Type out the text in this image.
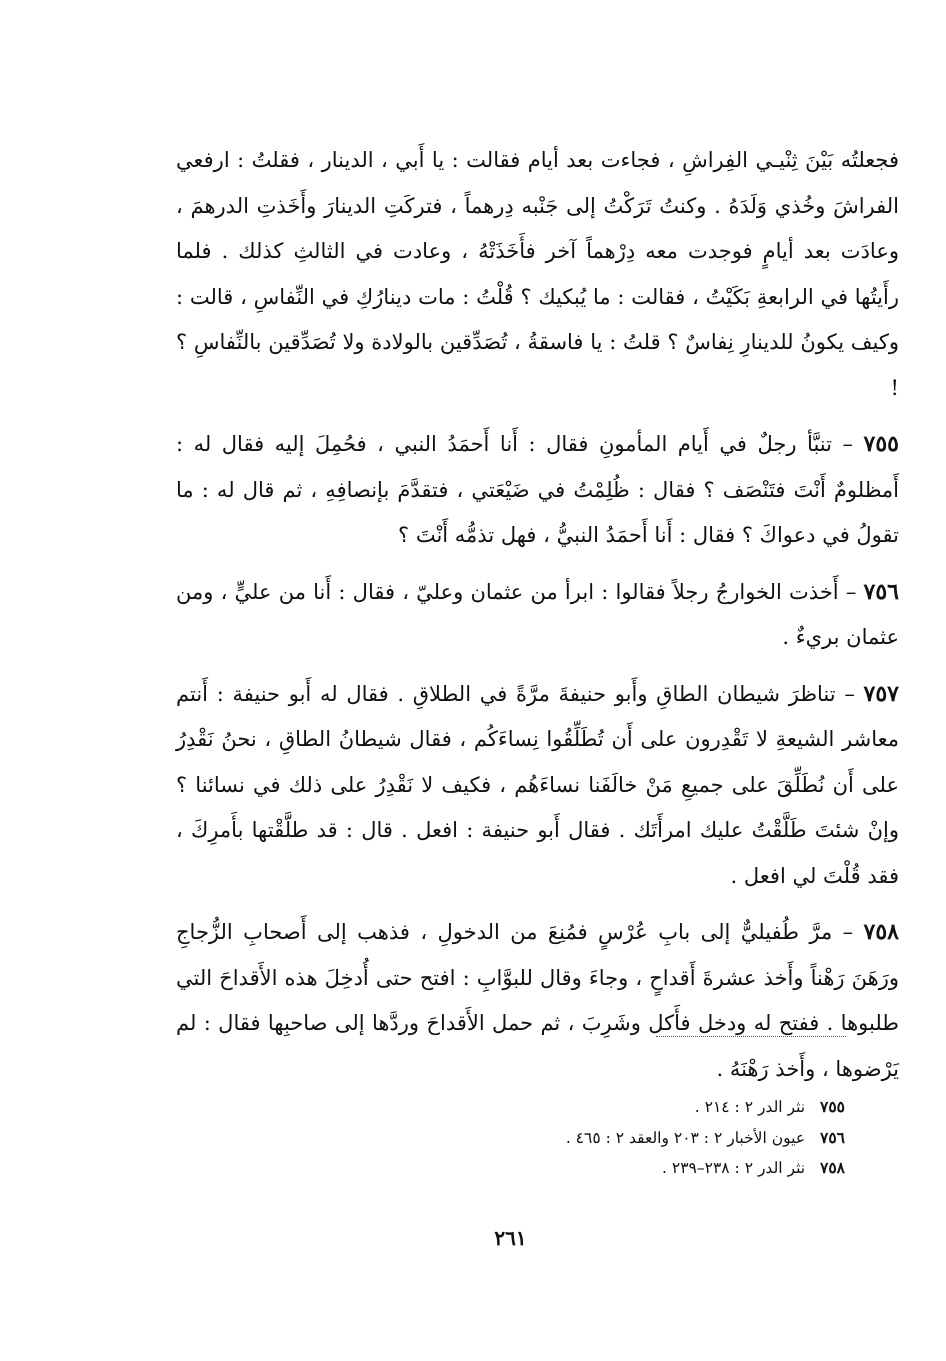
فجعلتُه بَيْنَ ثِنْيـي الفِراشِ ، فجاءت بعد أيام فقالت : يا أَبي ، الدينار ، فقلتُ : ارفعي الفراشَ وخُذي وَلَدَهُ . وكنتُ تَرَكْتُ إلى جَنْبه دِرهماً ، فتركَتِ الدينارَ وأَخَذتِ الدرهمَ ، وعادَت بعد أيامٍ فوجدت معه دِرْهماً آخر فأَخَذَتْهُ ، وعادت في الثالثِ كذلك . فلما رأَيتُها في الرابعةِ بَكَيْتُ ، فقالت : ما يُبكيك ؟ قُلْتُ : مات دينارُكِ في النِّفاسِ ، قالت : وكيف يكونُ للدينارِ نِفاسٌ ؟ قلتُ : يا فاسقةُ ، تُصَدِّقين بالولادة ولا تُصَدِّقين بالنِّفاسِ ؟ !

٧٥٥ – تنبَّأ رجلٌ في أَيام المأمونِ فقال : أَنا أَحمَدُ النبي ، فحُمِلَ إليه فقال له : أَمظلومٌ أَنْتَ فتَنْصَف ؟ فقال : ظُلِمْتُ في ضَيْعَتي ، فتقدَّمَ بإنصافِهِ ، ثم قال له : ما تقولُ في دعواكَ ؟ فقال : أَنا أَحمَدُ النبيُّ ، فهل تذمُّه أَنْتَ ؟

٧٥٦ – أَخذت الخوارجُ رجلاً فقالوا : ابرأ من عثمان وعليّ ، فقال : أَنا من عليٍّ ، ومن عثمان بريءٌ .

٧٥٧ – تناظرَ شيطان الطاقِ وأَبو حنيفةَ مرَّةً في الطلاقِ . فقال له أَبو حنيفة : أَنتم معاشر الشيعةِ لا تَقْدِرون على أَن تُطَلِّقُوا نِساءَكُم ، فقال شيطانُ الطاقِ ، نحنُ نَقْدِرُ على أَن نُطَلِّقَ على جميعِ مَنْ خالَفَنا نساءَهُم ، فكيف لا نَقْدِرُ على ذلك في نسائنا ؟ وإنْ شئتَ طَلَّقْتُ عليك امرأَتَك . فقال أَبو حنيفة : افعل . قال : قد طلَّقْتها بأَمرِكَ ، فقد قُلْتَ لي افعل .

٧٥٨ – مرَّ طُفيليٌّ إلى بابِ عُرْسٍ فمُنِعَ من الدخولِ ، فذهب إلى أَصحابِ الزُّجاجِ ورَهَنَ رَهْناً وأَخذ عشرةَ أَقداحٍ ، وجاءَ وقال للبوَّابِ : افتح حتى أُدخِلَ هذه الأَقداحَ التي طلبوها . ففتح له ودخل فأَكل وشَرِبَ ، ثم حمل الأَقداحَ وردَّها إلى صاحبِها فقال : لم يَرْضوها ، وأَخذ رَهْنَهُ .

٧٥٥ نثر الدر ٢ : ٢١٤ .
٧٥٦ عيون الأخبار ٢ : ٢٠٣ والعقد ٢ : ٤٦٥ .
٧٥٨ نثر الدر ٢ : ٢٣٨–٢٣٩ .
٢٦١
